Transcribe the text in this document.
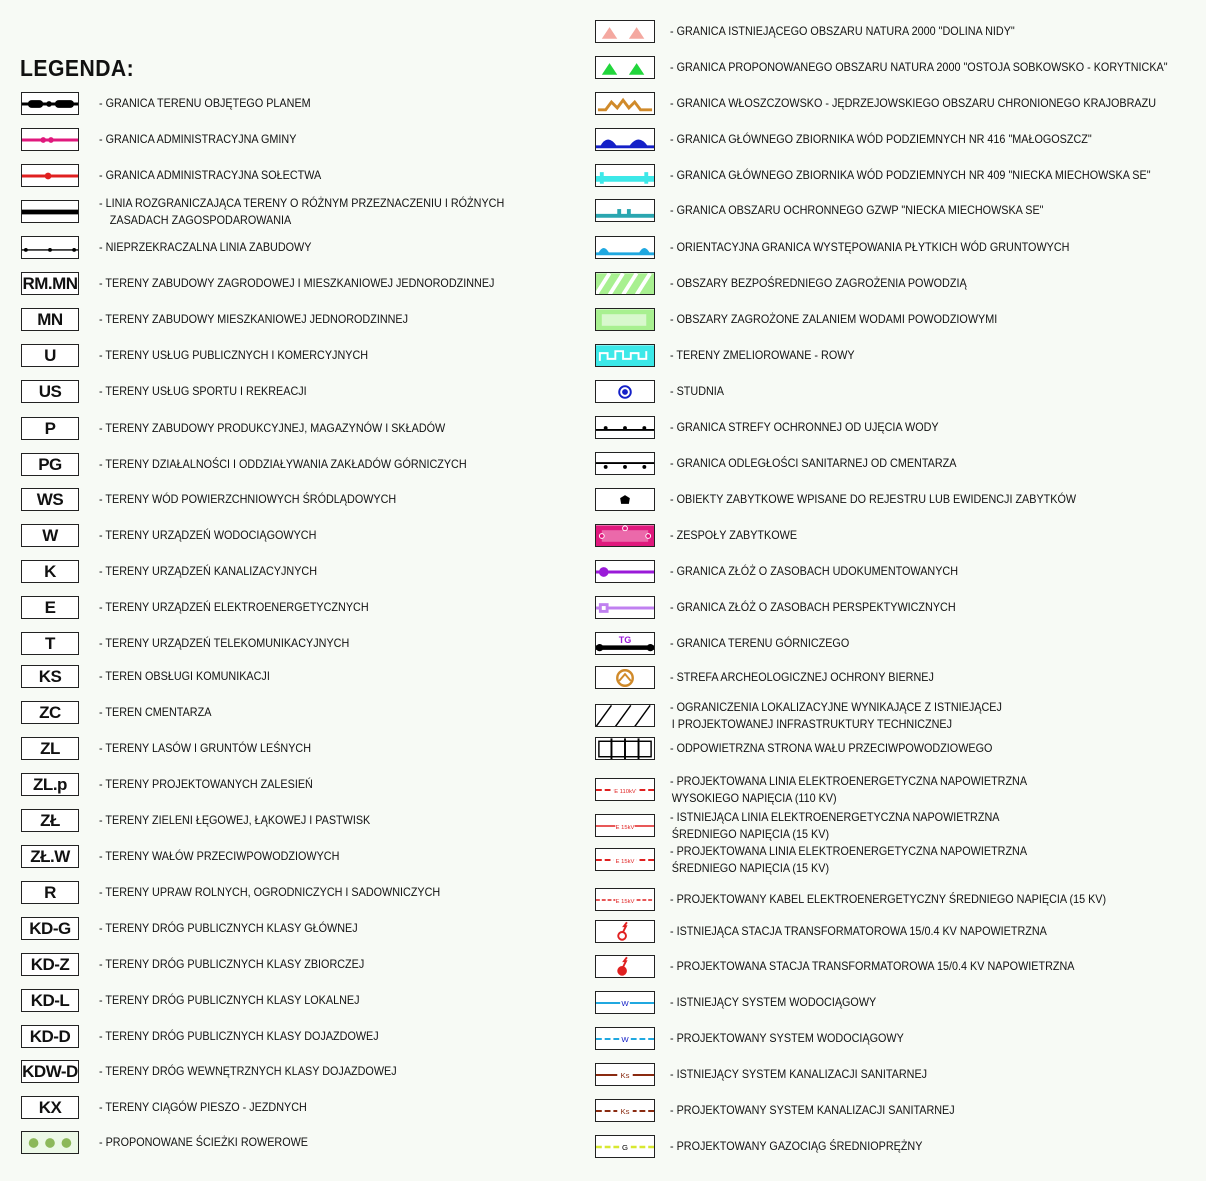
LEGENDA:
- GRANICA TERENU OBJĘTEGO PLANEM
- GRANICA ADMINISTRACYJNA GMINY
- GRANICA ADMINISTRACYJNA SOŁECTWA
- LINIA ROZGRANICZAJĄCA TERENY O RÓŻNYM PRZEZNACZENIU I RÓŻNYCH
ZASADACH ZAGOSPODAROWANIA
- NIEPRZEKRACZALNA LINIA ZABUDOWY
RM.MN - TERENY ZABUDOWY ZAGRODOWEJ I MIESZKANIOWEJ JEDNORODZINNEJ
MN	- TERENY ZABUDOWY MIESZKANIOWEJ JEDNORODZINNEJ
U	- TERENY USŁUG PUBLICZNYCH I KOMERCYJNYCH
US	- TERENY USŁUG SPORTU I REKREACJI
P	- TERENY ZABUDOWY PRODUKCYJNEJ, MAGAZYNÓW I SKŁADÓW
PG	- TERENY DZIAŁALNOŚCI I ODDZIAŁYWANIA ZAKŁADÓW GÓRNICZYCH
WS	- TERENY WÓD POWIERZCHNIOWYCH ŚRÓDLĄDOWYCH
W	- TERENY URZĄDZEŃ WODOCIĄGOWYCH
K	- TERENY URZĄDZEŃ KANALIZACYJNYCH
E	- TERENY URZĄDZEŃ ELEKTROENERGETYCZNYCH
T	- TERENY URZĄDZEŃ TELEKOMUNIKACYJNYCH
KS	- TEREN OBSŁUGI KOMUNIKACJI
ZC	- TEREN CMENTARZA
ZL	- TERENY LASÓW I GRUNTÓW LEŚNYCH
ZL.p	- TERENY PROJEKTOWANYCH ZALESIEŃ
ZŁ	- TERENY ZIELENI ŁĘGOWEJ, ŁĄKOWEJ I PASTWISK
ZŁ.W - TERENY WAŁÓW PRZECIWPOWODZIOWYCH
R	- TERENY UPRAW ROLNYCH, OGRODNICZYCH I SADOWNICZYCH
KD-G - TERENY DRÓG PUBLICZNYCH KLASY GŁÓWNEJ
KD-Z - TERENY DRÓG PUBLICZNYCH KLASY ZBIORCZEJ
KD-L - TERENY DRÓG PUBLICZNYCH KLASY LOKALNEJ
KD-D - TERENY DRÓG PUBLICZNYCH KLASY DOJAZDOWEJ
KDW-D - TERENY DRÓG WEWNĘTRZNYCH KLASY DOJAZDOWEJ
KX	- TERENY CIĄGÓW PIESZO - JEZDNYCH
- PROPONOWANE ŚCIEŻKI ROWEROWE
- GRANICA ISTNIEJĄCEGO OBSZARU NATURA 2000 "DOLINA NIDY"
- GRANICA PROPONOWANEGO OBSZARU NATURA 2000 "OSTOJA SOBKOWSKO - KORYTNICKA"
- GRANICA WŁOSZCZOWSKO - JĘDRZEJOWSKIEGO OBSZARU CHRONIONEGO KRAJOBRAZU
- GRANICA GŁÓWNEGO ZBIORNIKA WÓD PODZIEMNYCH NR 416 "MAŁOGOSZCZ"
- GRANICA GŁÓWNEGO ZBIORNIKA WÓD PODZIEMNYCH NR 409 "NIECKA MIECHOWSKA SE"
- GRANICA OBSZARU OCHRONNEGO GZWP "NIECKA MIECHOWSKA SE"
- ORIENTACYJNA GRANICA WYSTĘPOWANIA PŁYTKICH WÓD GRUNTOWYCH
- OBSZARY BEZPOŚREDNIEGO ZAGROŻENIA POWODZIĄ
- OBSZARY ZAGROŻONE ZALANIEM WODAMI POWODZIOWYMI
- TERENY ZMELIOROWANE - ROWY
- STUDNIA
- GRANICA STREFY OCHRONNEJ OD UJĘCIA WODY
- GRANICA ODLEGŁOŚCI SANITARNEJ OD CMENTARZA
- OBIEKTY ZABYTKOWE WPISANE DO REJESTRU LUB EWIDENCJI ZABYTKÓW
- ZESPOŁY ZABYTKOWE
- GRANICA ZŁÓŻ O ZASOBACH UDOKUMENTOWANYCH
- GRANICA ZŁÓŻ O ZASOBACH PERSPEKTYWICZNYCH
TG	- GRANICA TERENU GÓRNICZEGO
- STREFA ARCHEOLOGICZNEJ OCHRONY BIERNEJ
- OGRANICZENIA LOKALIZACYJNE WYNIKAJĄCE Z ISTNIEJĄCEJ
I PROJEKTOWANEJ INFRASTRUKTURY TECHNICZNEJ
- ODPOWIETRZNA STRONA WAŁU PRZECIWPOWODZIOWEGO
E 110kV
- PROJEKTOWANA LINIA ELEKTROENERGETYCZNA NAPOWIETRZNA
WYSOKIEGO NAPIĘCIA (110 KV)
E 15kV
- ISTNIEJĄCA LINIA ELEKTROENERGETYCZNA NAPOWIETRZNA
ŚREDNIEGO NAPIĘCIA (15 KV)
E 15kV
- PROJEKTOWANA LINIA ELEKTROENERGETYCZNA NAPOWIETRZNA
ŚREDNIEGO NAPIĘCIA (15 KV)
E 15kV	- PROJEKTOWANY KABEL ELEKTROENERGETYCZNY ŚREDNIEGO NAPIĘCIA (15 KV)
- ISTNIEJĄCA STACJA TRANSFORMATOROWA 15/0.4 KV NAPOWIETRZNA
- PROJEKTOWANA STACJA TRANSFORMATOROWA 15/0.4 KV NAPOWIETRZNA
W	- ISTNIEJĄCY SYSTEM WODOCIĄGOWY
W	- PROJEKTOWANY SYSTEM WODOCIĄGOWY
Ks	- ISTNIEJĄCY SYSTEM KANALIZACJI SANITARNEJ
Ks	- PROJEKTOWANY SYSTEM KANALIZACJI SANITARNEJ
G	- PROJEKTOWANY GAZOCIĄG ŚREDNIOPRĘŻNY
